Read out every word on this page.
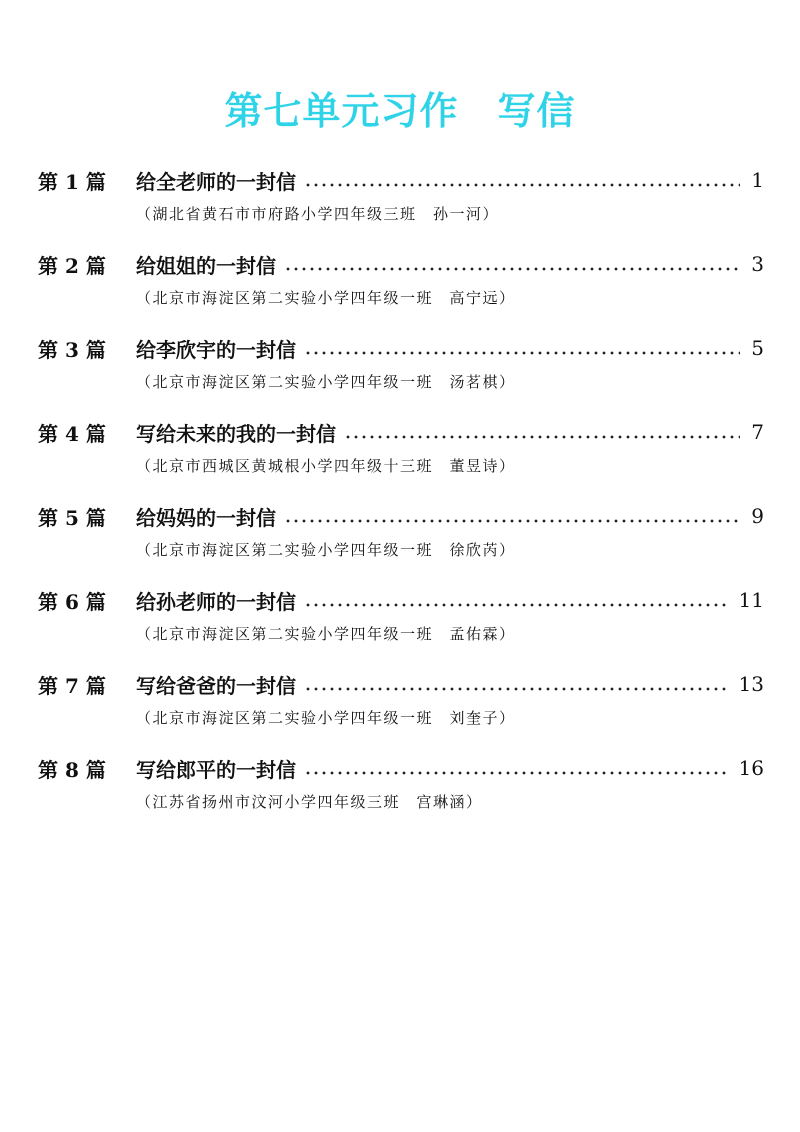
第七单元习作　写信
第 1 篇	给全老师的一封信	1
（湖北省黄石市市府路小学四年级三班　孙一河）
第 2 篇	给姐姐的一封信	3
（北京市海淀区第二实验小学四年级一班　高宁远）
第 3 篇	给李欣宇的一封信	5
（北京市海淀区第二实验小学四年级一班　汤茗棋）
第 4 篇	写给未来的我的一封信	7
（北京市西城区黄城根小学四年级十三班　董昱诗）
第 5 篇	给妈妈的一封信	9
（北京市海淀区第二实验小学四年级一班　徐欣芮）
第 6 篇	给孙老师的一封信	11
（北京市海淀区第二实验小学四年级一班　孟佑霖）
第 7 篇	写给爸爸的一封信	13
（北京市海淀区第二实验小学四年级一班　刘奎子）
第 8 篇	写给郎平的一封信	16
（江苏省扬州市汶河小学四年级三班　宫琳涵）
